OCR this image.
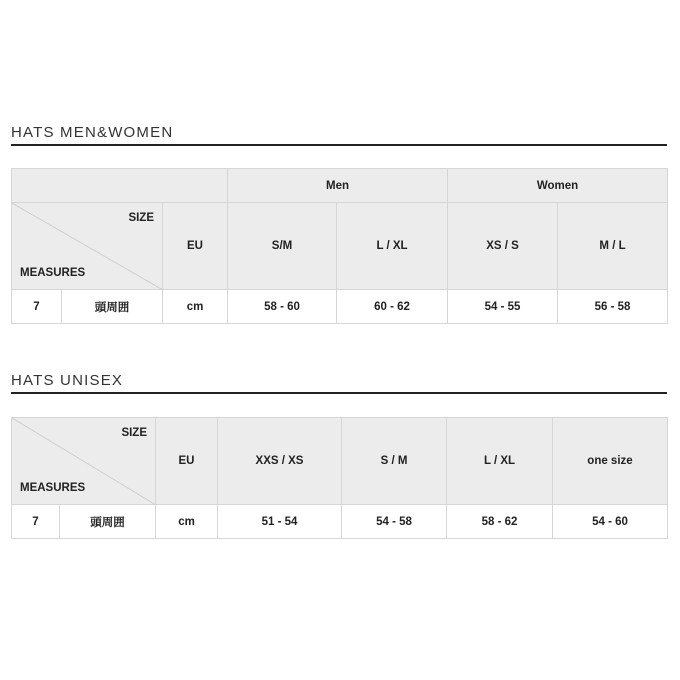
HATS MEN&WOMEN
			Men		Women	

SIZE
MEASURES		EU	S/M	L / XL	XS / S	M / L
7	頭周囲	cm	58 - 60	60 - 62	54 - 55	56 - 58
HATS UNISEX
SIZE
MEASURES		EU	XXS / XS	S / M	L / XL	one size
7	頭周囲	cm	51 - 54	54 - 58	58 - 62	54 - 60
